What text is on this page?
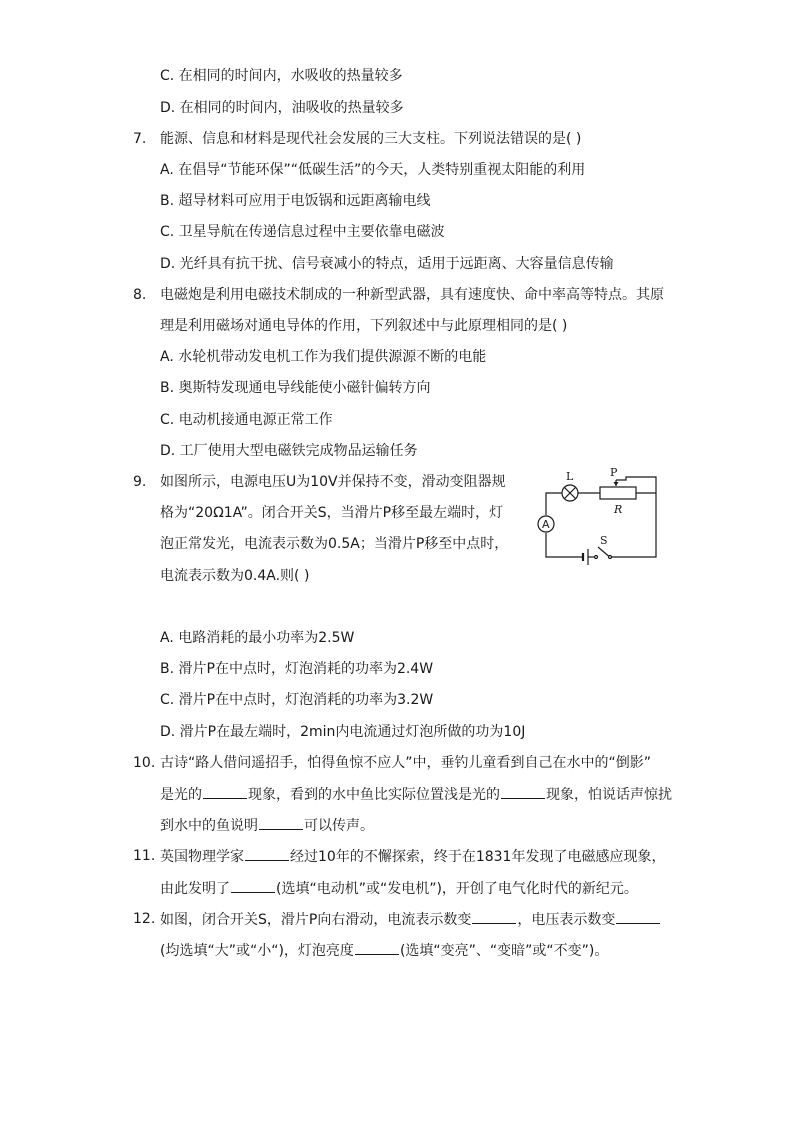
C. 在相同的时间内，水吸收的热量较多
D. 在相同的时间内，油吸收的热量较多
7. 能源、信息和材料是现代社会发展的三大支柱。下列说法错误的是( )
A. 在倡导“节能环保”“低碳生活”的今天，人类特别重视太阳能的利用
B. 超导材料可应用于电饭锅和远距离输电线
C. 卫星导航在传递信息过程中主要依靠电磁波
D. 光纤具有抗干扰、信号衰减小的特点，适用于远距离、大容量信息传输
8. 电磁炮是利用电磁技术制成的一种新型武器，具有速度快、命中率高等特点。其原
理是利用磁场对通电导体的作用，下列叙述中与此原理相同的是( )
A. 水轮机带动发电机工作为我们提供源源不断的电能
B. 奥斯特发现通电导线能使小磁针偏转方向
C. 电动机接通电源正常工作
D. 工厂使用大型电磁铁完成物品运输任务
9. 如图所示，电源电压U为10V并保持不变，滑动变阻器规
格为“20Ω1A”。闭合开关S，当滑片P移至最左端时，灯
泡正常发光，电流表示数为0.5A；当滑片P移至中点时，
电流表示数为0.4A.则( )
L	P
R
A
S
A. 电路消耗的最小功率为2.5W
B. 滑片P在中点时，灯泡消耗的功率为2.4W
C. 滑片P在中点时，灯泡消耗的功率为3.2W
D. 滑片P在最左端时，2min内电流通过灯泡所做的功为10J
10. 古诗“路人借问遥招手，怕得鱼惊不应人”中，垂钓儿童看到自己在水中的“倒影”
是光的	现象，看到的水中鱼比实际位置浅是光的	现象，怕说话声惊扰
到水中的鱼说明	可以传声。
11. 英国物理学家	经过10年的不懈探索，终于在1831年发现了电磁感应现象，
由此发明了	(选填“电动机”或“发电机”)，开创了电气化时代的新纪元。
12. 如图，闭合开关S，滑片P向右滑动，电流表示数变	，电压表示数变
(均选填“大”或“小“)，灯泡亮度	(选填“变亮”、“变暗”或“不变”)。
